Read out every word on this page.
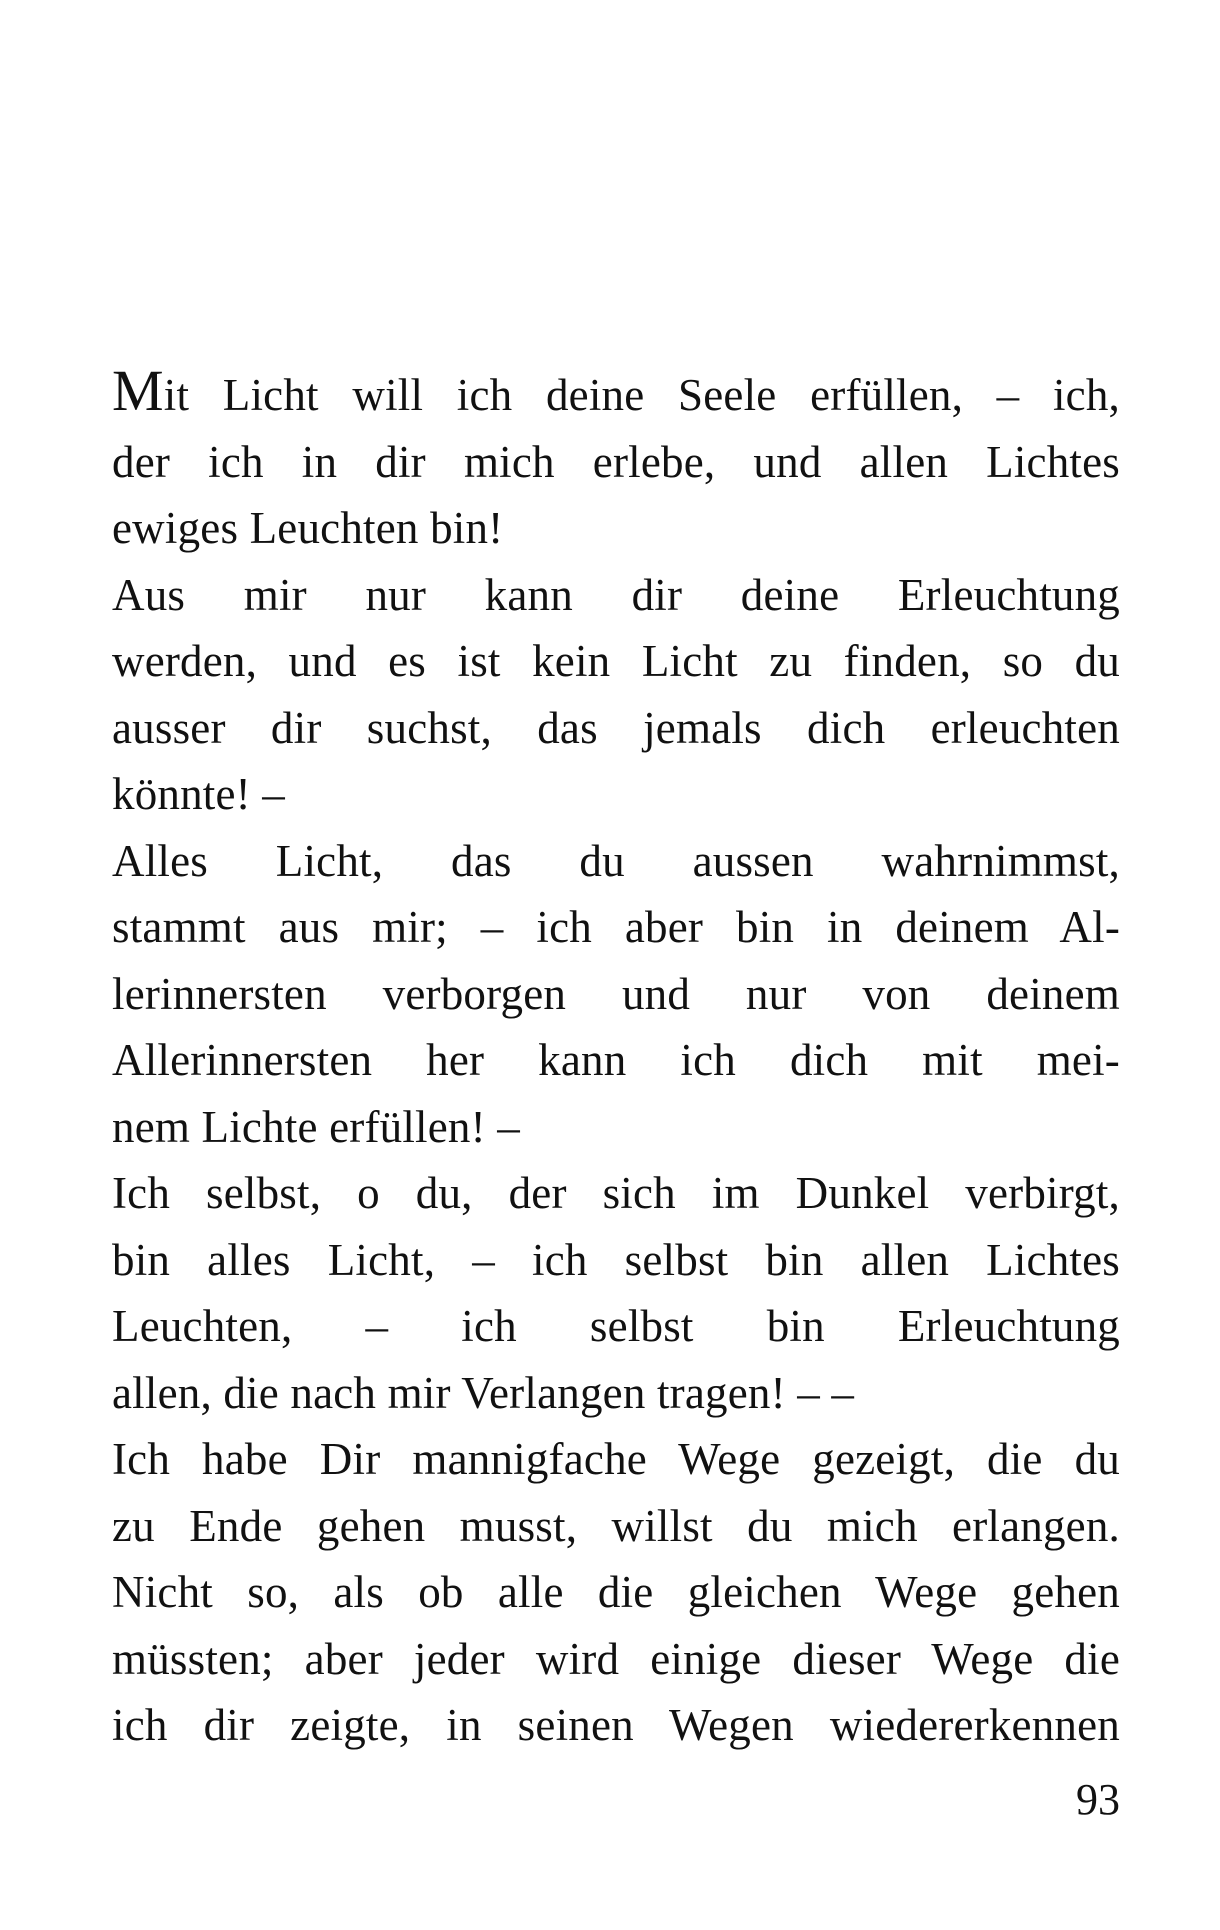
Mit Licht will ich deine Seele erfüllen, – ich,
der ich in dir mich erlebe, und allen Lichtes
ewiges Leuchten bin!
Aus mir nur kann dir deine Erleuchtung
werden, und es ist kein Licht zu finden, so du
ausser dir suchst, das jemals dich erleuchten
könnte! –
Alles Licht, das du aussen wahrnimmst,
stammt aus mir; – ich aber bin in deinem Al-
lerinnersten verborgen und nur von deinem
Allerinnersten her kann ich dich mit mei-
nem Lichte erfüllen! –
Ich selbst, o du, der sich im Dunkel verbirgt,
bin alles Licht, – ich selbst bin allen Lichtes
Leuchten, – ich selbst bin Erleuchtung
allen, die nach mir Verlangen tragen! – –
Ich habe Dir mannigfache Wege gezeigt, die du
zu Ende gehen musst, willst du mich erlangen.
Nicht so, als ob alle die gleichen Wege gehen
müssten; aber jeder wird einige dieser Wege die
ich dir zeigte, in seinen Wegen wiedererkennen
93
